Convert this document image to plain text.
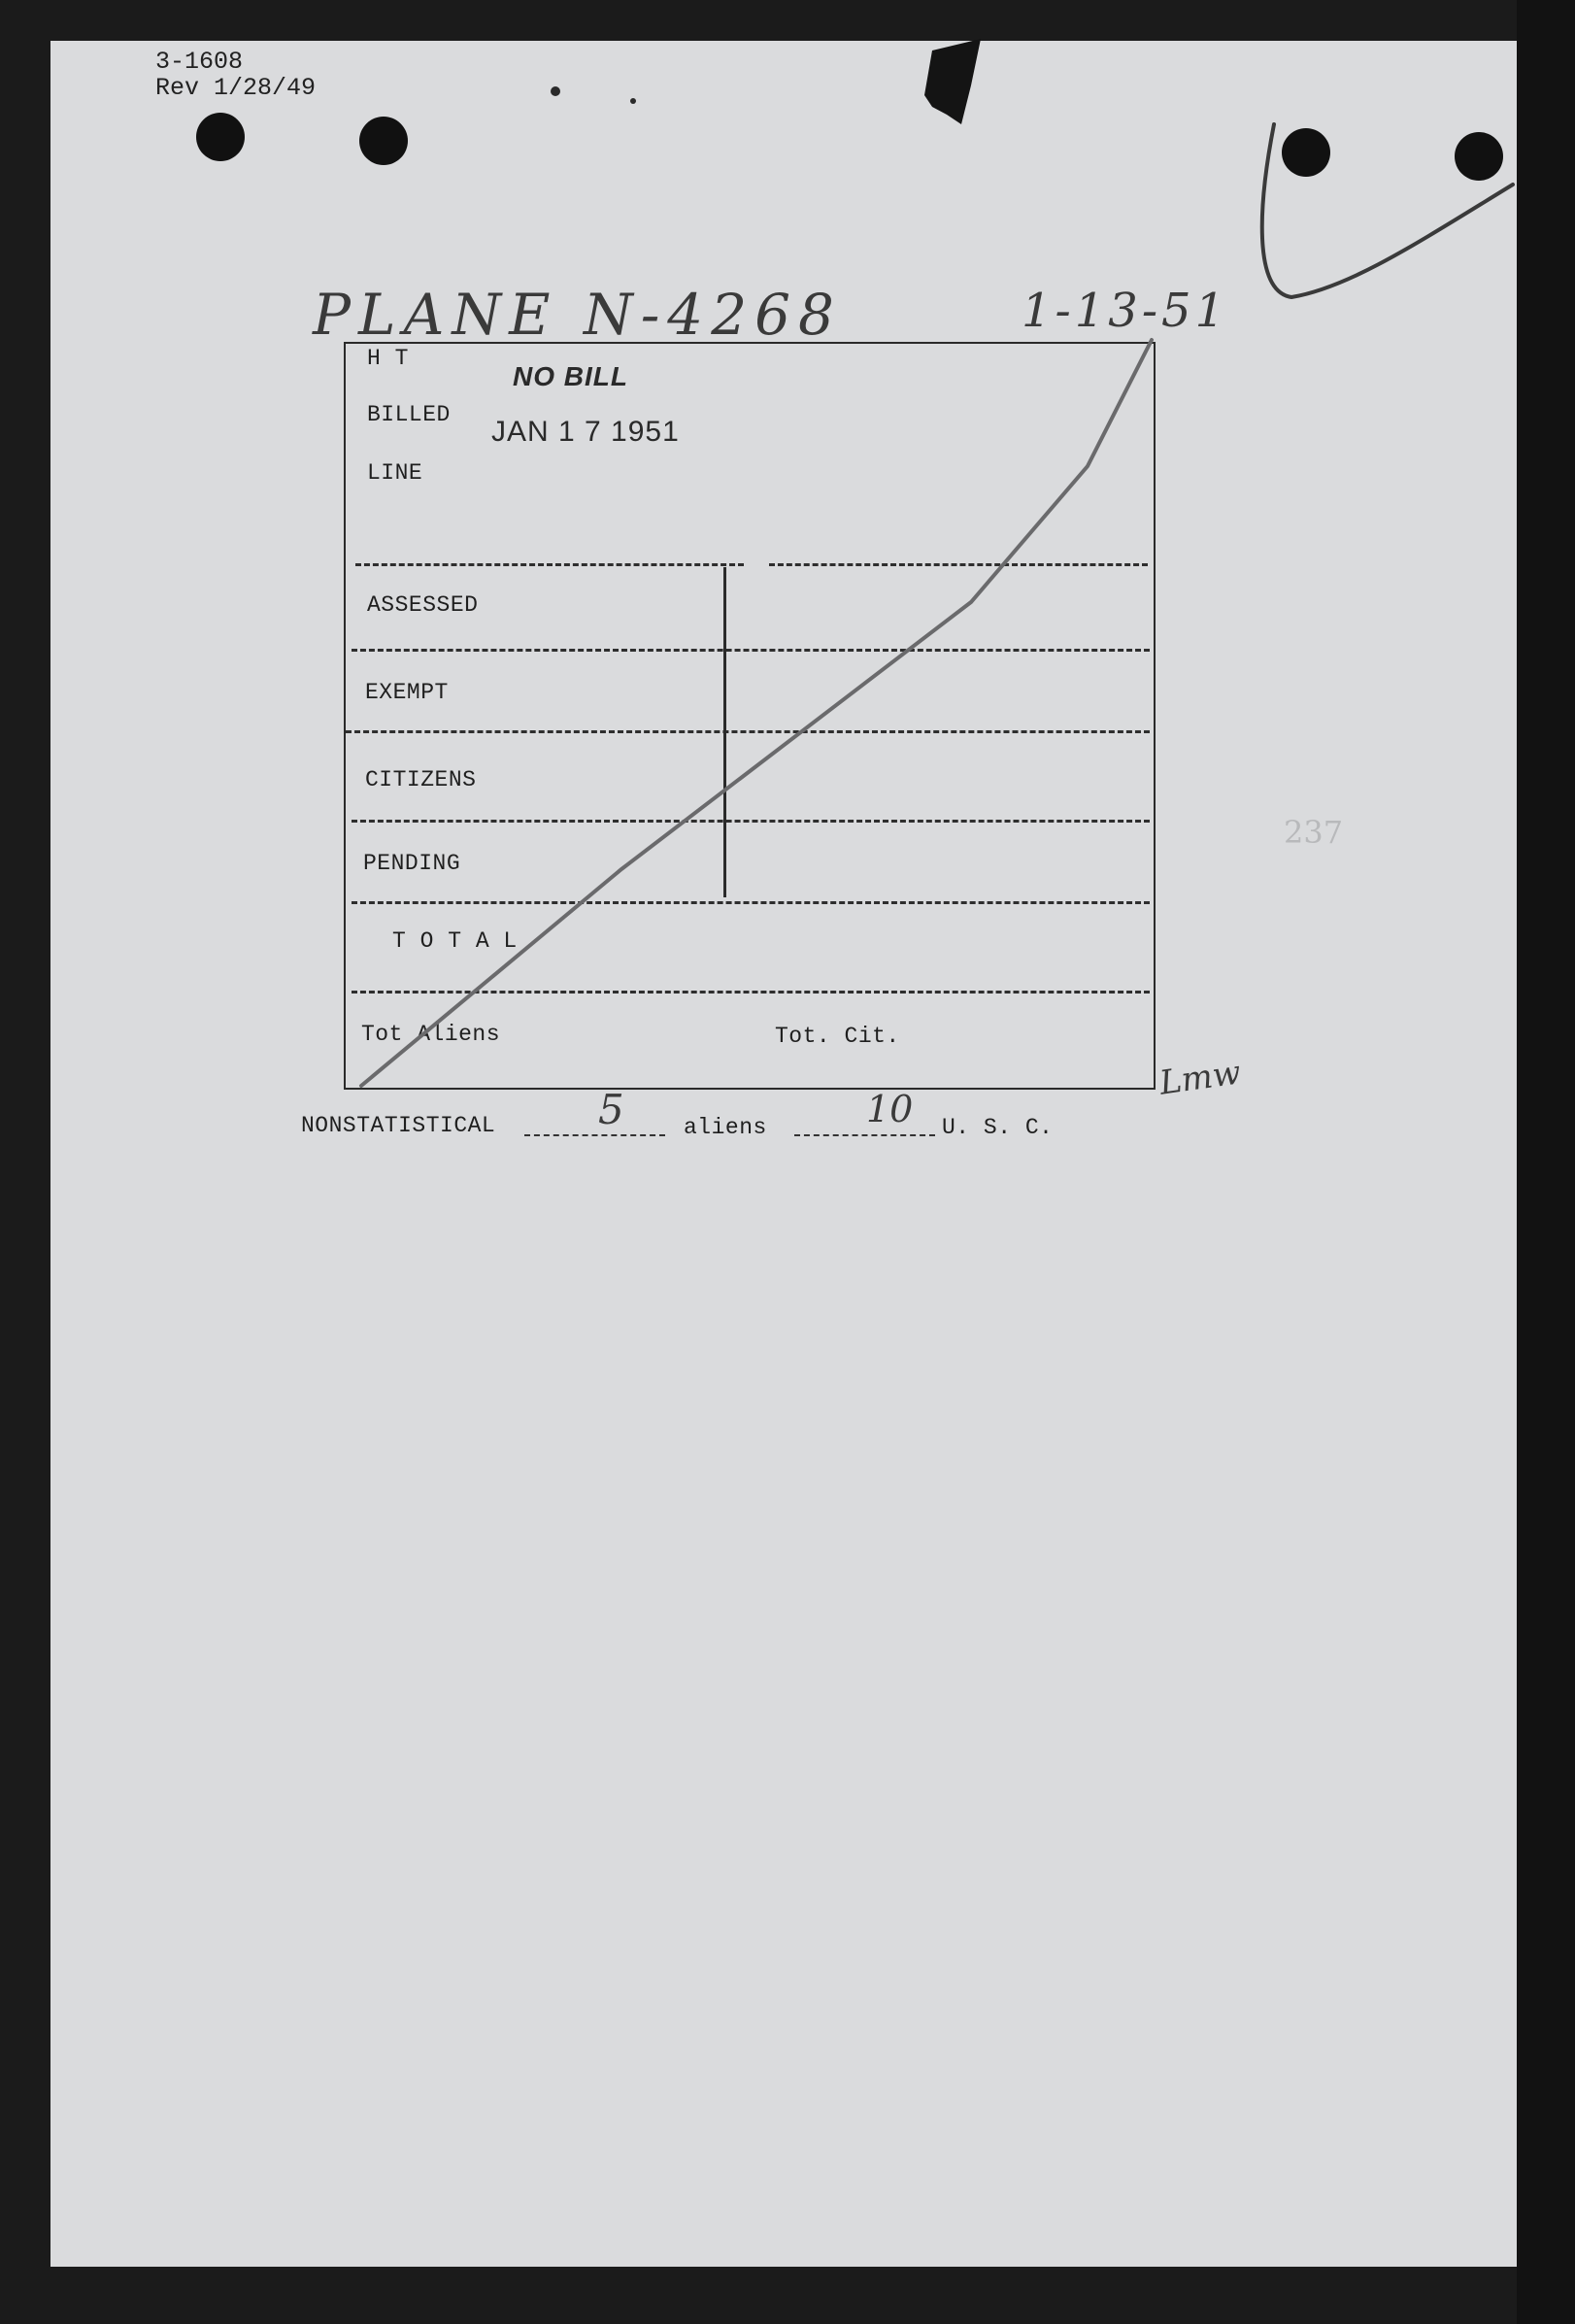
3-1608
Rev 1/28/49
PLANE N-4268	1-13-51
237
NO BILL
JAN 1 7 1951
H T
BILLED
LINE
ASSESSED
EXEMPT
CITIZENS
PENDING
T O T A L
Tot Aliens	Tot. Cit.
NONSTATISTICAL	5	aliens	10 U. S. C.
Lmw
